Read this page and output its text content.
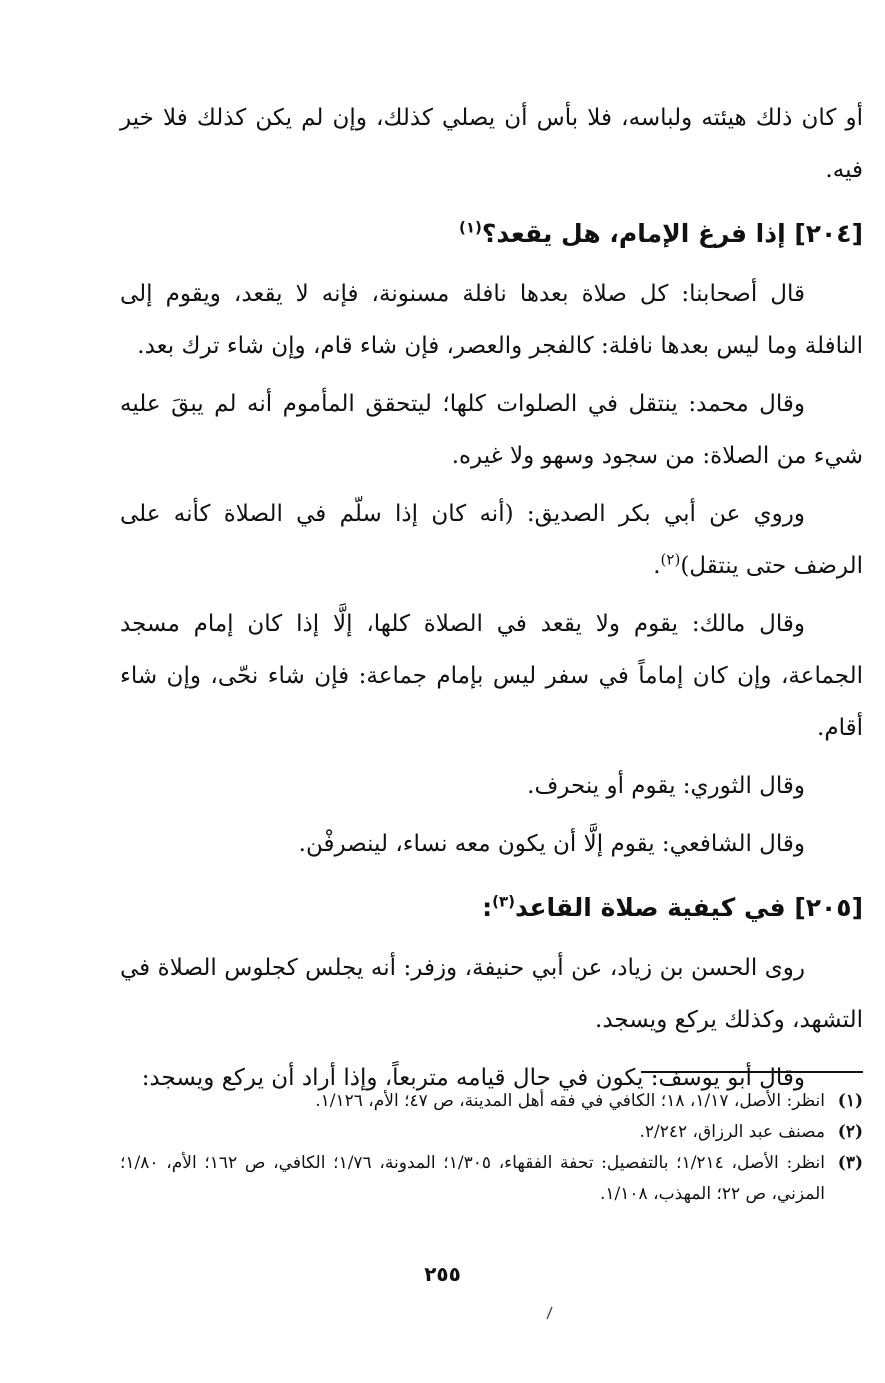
أو كان ذلك هيئته ولباسه، فلا بأس أن يصلي كذلك، وإن لم يكن كذلك فلا خير فيه.

[٢٠٤] إذا فرغ الإمام، هل يقعد؟$^{(١)}$

قال أصحابنا: كل صلاة بعدها نافلة مسنونة، فإنه لا يقعد، ويقوم إلى النافلة وما ليس بعدها نافلة: كالفجر والعصر، فإن شاء قام، وإن شاء ترك بعد.

وقال محمد: ينتقل في الصلوات كلها؛ ليتحقق المأموم أنه لم يبقَ عليه شيء من الصلاة: من سجود وسهو ولا غيره.

وروي عن أبي بكر الصديق: (أنه كان إذا سلّم في الصلاة كأنه على الرضف حتى ينتقل)$^{(٢)}$.

وقال مالك: يقوم ولا يقعد في الصلاة كلها، إلَّا إذا كان إمام مسجد الجماعة، وإن كان إماماً في سفر ليس بإمام جماعة: فإن شاء نحّى، وإن شاء أقام.

وقال الثوري: يقوم أو ينحرف.

وقال الشافعي: يقوم إلَّا أن يكون معه نساء، لينصرفْن.

[٢٠٥] في كيفية صلاة القاعد$^{(٣)}$:

روى الحسن بن زياد، عن أبي حنيفة، وزفر: أنه يجلس كجلوس الصلاة في التشهد، وكذلك يركع ويسجد.

وقال أبو يوسف: يكون في حال قيامه متربعاً، وإذا أراد أن يركع ويسجد:

(١)
انظر: الأصل، ١/١٧، ١٨؛ الكافي في فقه أهل المدينة، ص ٤٧؛ الأم، ١/١٢٦.
(٢)
مصنف عبد الرزاق، ٢/٢٤٢.
(٣)
انظر: الأصل، ١/٢١٤؛ بالتفصيل: تحفة الفقهاء، ١/٣٠٥؛ المدونة، ١/٧٦؛ الكافي، ص ١٦٢؛ الأم، ١/٨٠؛ المزني، ص ٢٢؛ المهذب، ١/١٠٨.
٢٥٥
